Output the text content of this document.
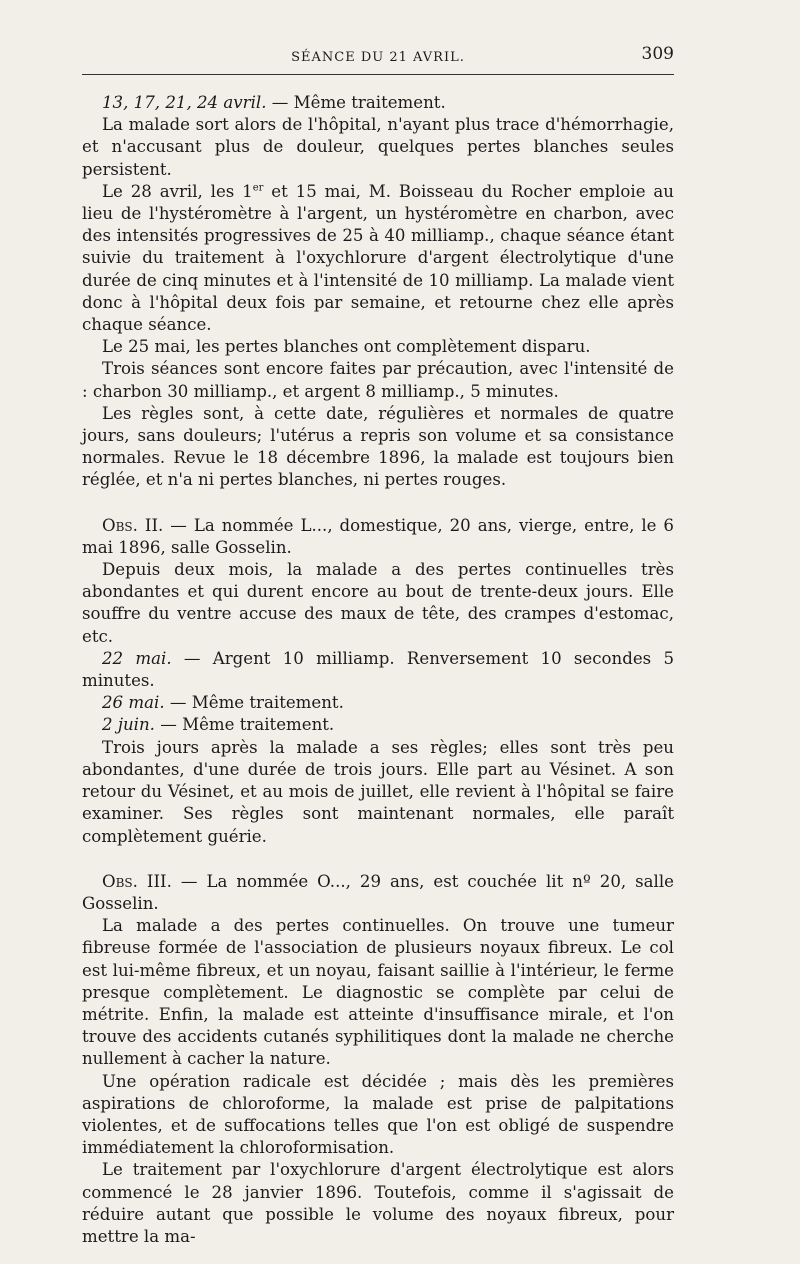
SÉANCE DU 21 AVRIL.	309

13, 17, 21, 24 avril. — Même traitement.

La malade sort alors de l'hôpital, n'ayant plus trace d'hémorrhagie, et n'accusant plus de douleur, quelques pertes blanches seules persistent.

Le 28 avril, les 1er et 15 mai, M. Boisseau du Rocher emploie au lieu de l'hystéromètre à l'argent, un hystéromètre en charbon, avec des intensités progressives de 25 à 40 milliamp., chaque séance étant suivie du traitement à l'oxychlorure d'argent électrolytique d'une durée de cinq minutes et à l'intensité de 10 milliamp. La malade vient donc à l'hôpital deux fois par semaine, et retourne chez elle après chaque séance.

Le 25 mai, les pertes blanches ont complètement disparu.

Trois séances sont encore faites par précaution, avec l'intensité de : charbon 30 milliamp., et argent 8 milliamp., 5 minutes.

Les règles sont, à cette date, régulières et normales de quatre jours, sans douleurs; l'utérus a repris son volume et sa consistance normales. Revue le 18 décembre 1896, la malade est toujours bien réglée, et n'a ni pertes blanches, ni pertes rouges.

Obs. II. — La nommée L..., domestique, 20 ans, vierge, entre, le 6 mai 1896, salle Gosselin.

Depuis deux mois, la malade a des pertes continuelles très abondantes et qui durent encore au bout de trente-deux jours. Elle souffre du ventre accuse des maux de tête, des crampes d'estomac, etc.

22 mai. — Argent 10 milliamp. Renversement 10 secondes 5 minutes.

26 mai. — Même traitement.

2 juin. — Même traitement.

Trois jours après la malade a ses règles; elles sont très peu abondantes, d'une durée de trois jours. Elle part au Vésinet. A son retour du Vésinet, et au mois de juillet, elle revient à l'hôpital se faire examiner. Ses règles sont maintenant normales, elle paraît complètement guérie.

Obs. III. — La nommée O..., 29 ans, est couchée lit nº 20, salle Gosselin.

La malade a des pertes continuelles. On trouve une tumeur fibreuse formée de l'association de plusieurs noyaux fibreux. Le col est lui-même fibreux, et un noyau, faisant saillie à l'intérieur, le ferme presque complètement. Le diagnostic se complète par celui de métrite. Enfin, la malade est atteinte d'insuffisance mirale, et l'on trouve des accidents cutanés syphilitiques dont la malade ne cherche nullement à cacher la nature.

Une opération radicale est décidée ; mais dès les premières aspirations de chloroforme, la malade est prise de palpitations violentes, et de suffocations telles que l'on est obligé de suspendre immédiatement la chloroformisation.

Le traitement par l'oxychlorure d'argent électrolytique est alors commencé le 28 janvier 1896. Toutefois, comme il s'agissait de réduire autant que possible le volume des noyaux fibreux, pour mettre la ma-
